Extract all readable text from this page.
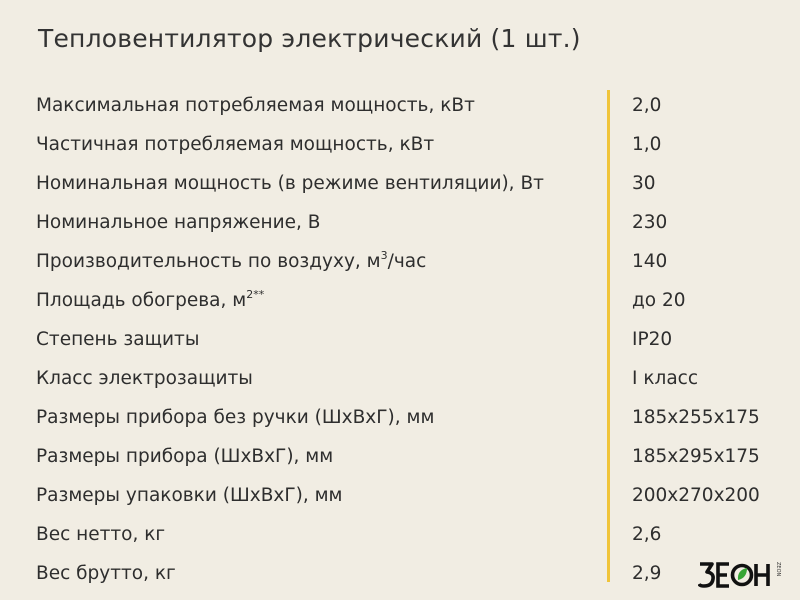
Тепловентилятор электрический (1 шт.)
Максимальная потребляемая мощность, кВт	2,0
Частичная потребляемая мощность, кВт	1,0
Номинальная мощность (в режиме вентиляции), Вт	30
Номинальное напряжение, В	230
Производительность по воздуху, $м^3$/час	140
Площадь обогрева, $м^{2**}$	до 20
Степень защиты	IP20
Класс электрозащиты	I класс
Размеры прибора без ручки (ШхВхГ), мм	185x255x175
Размеры прибора (ШхВхГ), мм	185x295x175
Размеры упаковки (ШхВхГ), мм	200x270x200
Вес нетто, кг	2,6
Вес брутто, кг	2,9	ZEON
